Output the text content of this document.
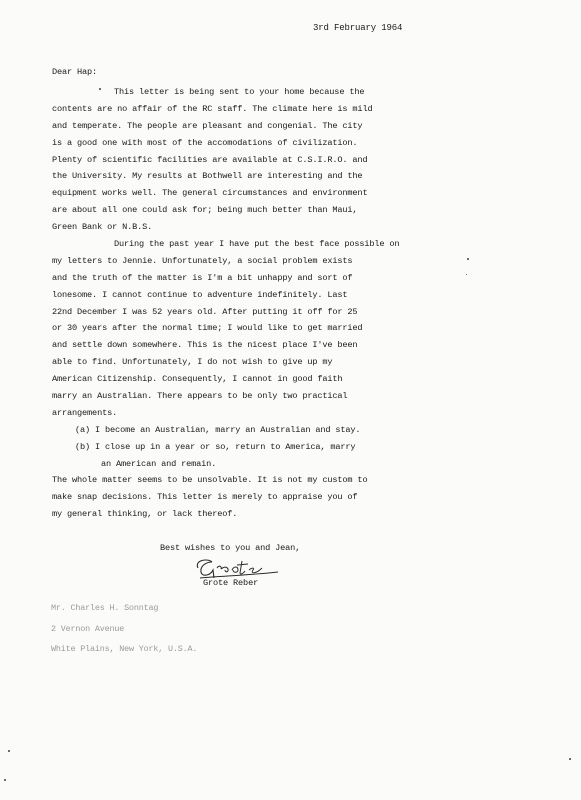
3rd February 1964
Dear Hap:
This letter is being sent to your home because the
contents are no affair of the RC staff. The climate here is mild
and temperate. The people are pleasant and congenial. The city
is a good one with most of the accomodations of civilization.
Plenty of scientific facilities are available at C.S.I.R.O. and
the University. My results at Bothwell are interesting and the
equipment works well. The general circumstances and environment
are about all one could ask for; being much better than Maui,
Green Bank or N.B.S.
During the past year I have put the best face possible on
my letters to Jennie. Unfortunately, a social problem exists
and the truth of the matter is I'm a bit unhappy and sort of
lonesome. I cannot continue to adventure indefinitely. Last
22nd December I was 52 years old. After putting it off for 25
or 30 years after the normal time; I would like to get married
and settle down somewhere. This is the nicest place I've been
able to find. Unfortunately, I do not wish to give up my
American Citizenship. Consequently, I cannot in good faith
marry an Australian. There appears to be only two practical
arrangements.
(a) I become an Australian, marry an Australian and stay.
(b) I close up in a year or so, return to America, marry
an American and remain.
The whole matter seems to be unsolvable. It is not my custom to
make snap decisions. This letter is merely to appraise you of
my general thinking, or lack thereof.
Best wishes to you and Jean,
Grote Reber
Mr. Charles H. Sonntag
2 Vernon Avenue
White Plains, New York, U.S.A.
